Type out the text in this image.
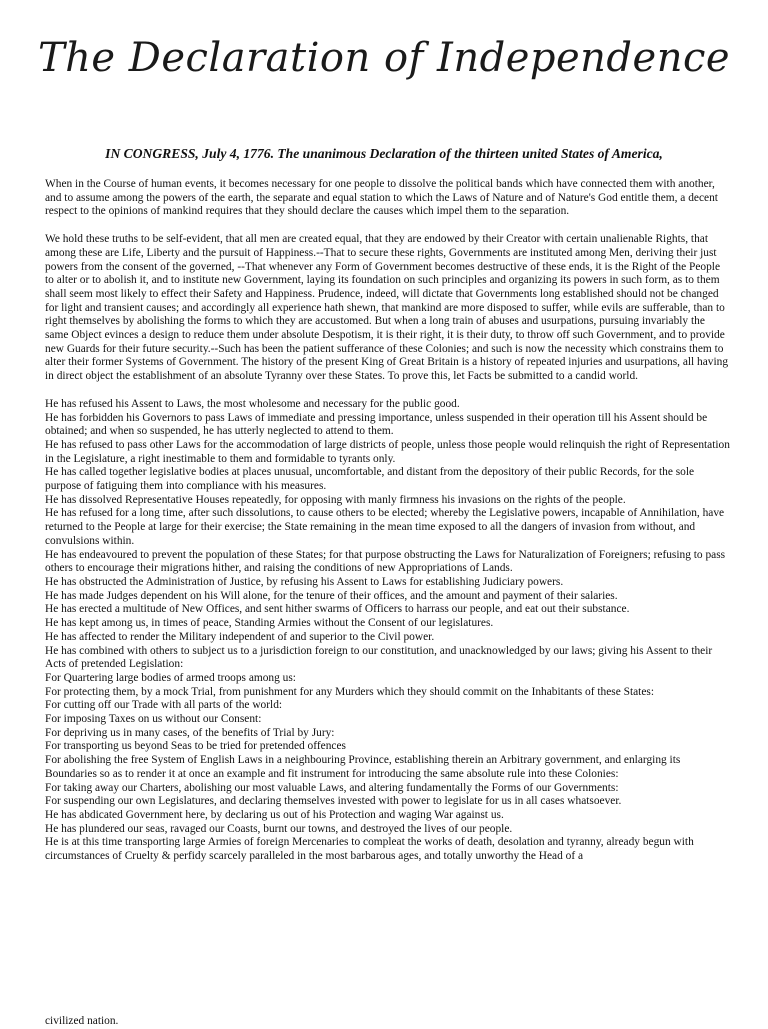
The Declaration of Independence
IN CONGRESS, July 4, 1776. The unanimous Declaration of the thirteen united States of America,

When in the Course of human events, it becomes necessary for one people to dissolve the political bands which have connected them with another, and to assume among the powers of the earth, the separate and equal station to which the Laws of Nature and of Nature's God entitle them, a decent respect to the opinions of mankind requires that they should declare the causes which impel them to the separation.

We hold these truths to be self-evident, that all men are created equal, that they are endowed by their Creator with certain unalienable Rights, that among these are Life, Liberty and the pursuit of Happiness.--That to secure these rights, Governments are instituted among Men, deriving their just powers from the consent of the governed, --That whenever any Form of Government becomes destructive of these ends, it is the Right of the People to alter or to abolish it, and to institute new Government, laying its foundation on such principles and organizing its powers in such form, as to them shall seem most likely to effect their Safety and Happiness. Prudence, indeed, will dictate that Governments long established should not be changed for light and transient causes; and accordingly all experience hath shewn, that mankind are more disposed to suffer, while evils are sufferable, than to right themselves by abolishing the forms to which they are accustomed. But when a long train of abuses and usurpations, pursuing invariably the same Object evinces a design to reduce them under absolute Despotism, it is their right, it is their duty, to throw off such Government, and to provide new Guards for their future security.--Such has been the patient sufferance of these Colonies; and such is now the necessity which constrains them to alter their former Systems of Government. The history of the present King of Great Britain is a history of repeated injuries and usurpations, all having in direct object the establishment of an absolute Tyranny over these States. To prove this, let Facts be submitted to a candid world.

He has refused his Assent to Laws, the most wholesome and necessary for the public good.
He has forbidden his Governors to pass Laws of immediate and pressing importance, unless suspended in their operation till his Assent should be obtained; and when so suspended, he has utterly neglected to attend to them.
He has refused to pass other Laws for the accommodation of large districts of people, unless those people would relinquish the right of Representation in the Legislature, a right inestimable to them and formidable to tyrants only.
He has called together legislative bodies at places unusual, uncomfortable, and distant from the depository of their public Records, for the sole purpose of fatiguing them into compliance with his measures.
He has dissolved Representative Houses repeatedly, for opposing with manly firmness his invasions on the rights of the people.
He has refused for a long time, after such dissolutions, to cause others to be elected; whereby the Legislative powers, incapable of Annihilation, have returned to the People at large for their exercise; the State remaining in the mean time exposed to all the dangers of invasion from without, and convulsions within.
He has endeavoured to prevent the population of these States; for that purpose obstructing the Laws for Naturalization of Foreigners; refusing to pass others to encourage their migrations hither, and raising the conditions of new Appropriations of Lands.
He has obstructed the Administration of Justice, by refusing his Assent to Laws for establishing Judiciary powers.
He has made Judges dependent on his Will alone, for the tenure of their offices, and the amount and payment of their salaries.
He has erected a multitude of New Offices, and sent hither swarms of Officers to harrass our people, and eat out their substance.
He has kept among us, in times of peace, Standing Armies without the Consent of our legislatures.
He has affected to render the Military independent of and superior to the Civil power.
He has combined with others to subject us to a jurisdiction foreign to our constitution, and unacknowledged by our laws; giving his Assent to their Acts of pretended Legislation:
For Quartering large bodies of armed troops among us:
For protecting them, by a mock Trial, from punishment for any Murders which they should commit on the Inhabitants of these States:
For cutting off our Trade with all parts of the world:
For imposing Taxes on us without our Consent:
For depriving us in many cases, of the benefits of Trial by Jury:
For transporting us beyond Seas to be tried for pretended offences
For abolishing the free System of English Laws in a neighbouring Province, establishing therein an Arbitrary government, and enlarging its Boundaries so as to render it at once an example and fit instrument for introducing the same absolute rule into these Colonies:
For taking away our Charters, abolishing our most valuable Laws, and altering fundamentally the Forms of our Governments:
For suspending our own Legislatures, and declaring themselves invested with power to legislate for us in all cases whatsoever.
He has abdicated Government here, by declaring us out of his Protection and waging War against us.
He has plundered our seas, ravaged our Coasts, burnt our towns, and destroyed the lives of our people.
He is at this time transporting large Armies of foreign Mercenaries to compleat the works of death, desolation and tyranny, already begun with circumstances of Cruelty & perfidy scarcely paralleled in the most barbarous ages, and totally unworthy the Head of a
civilized nation.
